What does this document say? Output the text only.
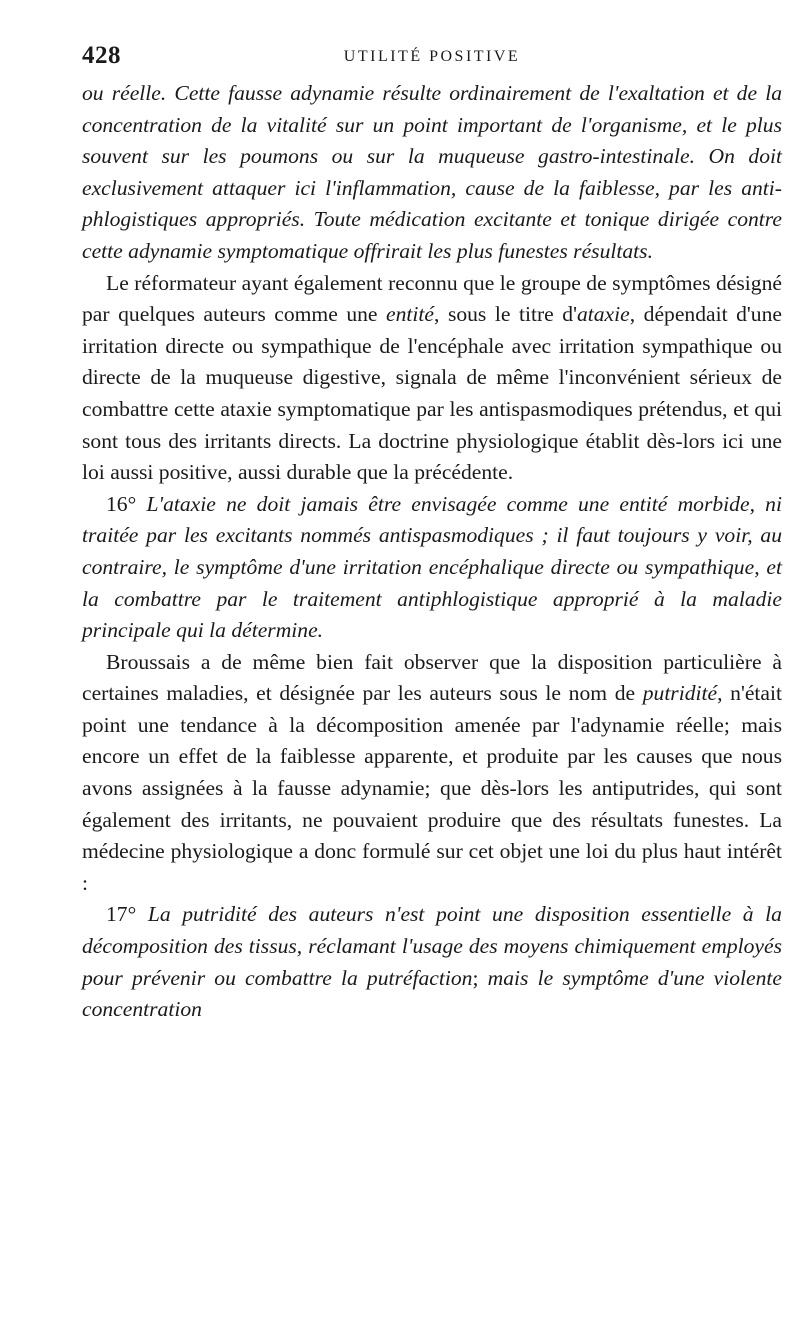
428	UTILITÉ POSITIVE

ou réelle. Cette fausse adynamie résulte ordinairement de l'exaltation et de la concentration de la vitalité sur un point important de l'organisme, et le plus souvent sur les poumons ou sur la muqueuse gastro-intestinale. On doit exclusivement attaquer ici l'inflammation, cause de la faiblesse, par les anti-phlogistiques appropriés. Toute médication excitante et tonique dirigée contre cette adynamie symptomatique offrirait les plus funestes résultats.

Le réformateur ayant également reconnu que le groupe de symptômes désigné par quelques auteurs comme une entité, sous le titre d'ataxie, dépendait d'une irritation directe ou sympathique de l'encéphale avec irritation sympathique ou directe de la muqueuse digestive, signala de même l'inconvénient sérieux de combattre cette ataxie symptomatique par les antispasmodiques prétendus, et qui sont tous des irritants directs. La doctrine physiologique établit dès-lors ici une loi aussi positive, aussi durable que la précédente.

16° L'ataxie ne doit jamais être envisagée comme une entité morbide, ni traitée par les excitants nommés antispasmodiques ; il faut toujours y voir, au contraire, le symptôme d'une irritation encéphalique directe ou sympathique, et la combattre par le traitement antiphlogistique approprié à la maladie principale qui la détermine.

Broussais a de même bien fait observer que la disposition particulière à certaines maladies, et désignée par les auteurs sous le nom de putridité, n'était point une tendance à la décomposition amenée par l'adynamie réelle; mais encore un effet de la faiblesse apparente, et produite par les causes que nous avons assignées à la fausse adynamie; que dès-lors les antiputrides, qui sont également des irritants, ne pouvaient produire que des résultats funestes. La médecine physiologique a donc formulé sur cet objet une loi du plus haut intérêt :

17° La putridité des auteurs n'est point une disposition essentielle à la décomposition des tissus, réclamant l'usage des moyens chimiquement employés pour prévenir ou combattre la putréfaction; mais le symptôme d'une violente concentration
